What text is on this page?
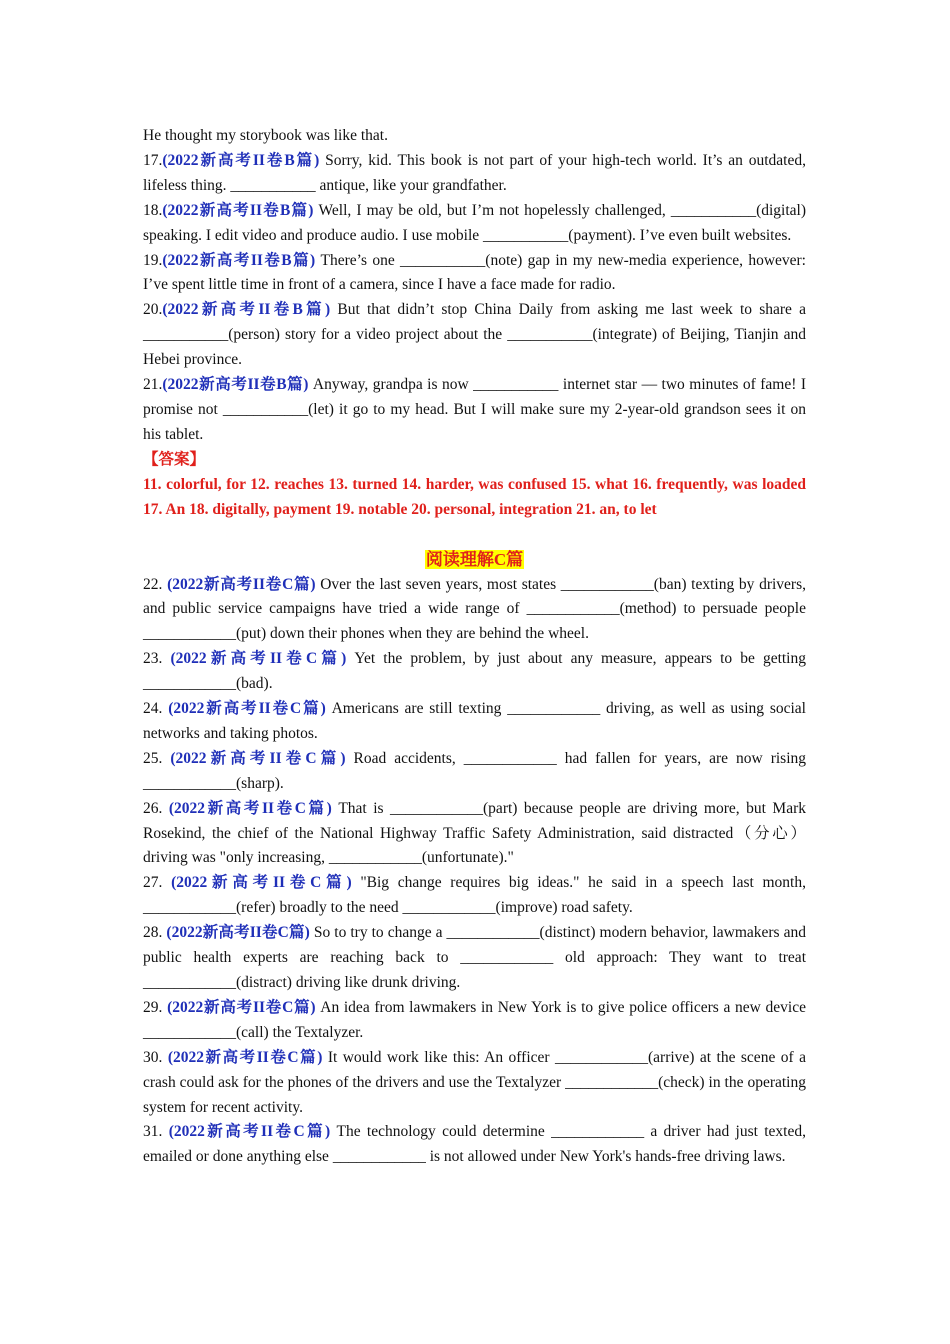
He thought my storybook was like that.

17.(2022新高考II卷B篇) Sorry, kid. This book is not part of your high-tech world. It’s an outdated, lifeless thing. ___________ antique, like your grandfather.

18.(2022新高考II卷B篇) Well, I may be old, but I’m not hopelessly challenged, ___________(digital) speaking. I edit video and produce audio. I use mobile ___________(payment). I’ve even built websites.

19.(2022新高考II卷B篇) There’s one ___________(note) gap in my new-media experience, however: I’ve spent little time in front of a camera, since I have a face made for radio.

20.(2022新高考II卷B篇) But that didn’t stop China Daily from asking me last week to share a ___________(person) story for a video project about the ___________(integrate) of Beijing, Tianjin and Hebei province.

21.(2022新高考II卷B篇) Anyway, grandpa is now ___________ internet star — two minutes of fame! I promise not ___________(let) it go to my head. But I will make sure my 2-year-old grandson sees it on his tablet.

【答案】

11. colorful, for 12. reaches 13. turned 14. harder, was confused 15. what 16. frequently, was loaded 17. An 18. digitally, payment 19. notable 20. personal, integration 21. an, to let

阅读理解C篇

22. (2022新高考II卷C篇) Over the last seven years, most states ____________(ban) texting by drivers, and public service campaigns have tried a wide range of ____________(method) to persuade people ____________(put) down their phones when they are behind the wheel.

23. (2022新高考II卷C篇) Yet the problem, by just about any measure, appears to be getting ____________(bad).

24. (2022新高考II卷C篇) Americans are still texting ____________ driving, as well as using social networks and taking photos.

25. (2022新高考II卷C篇) Road accidents, ____________ had fallen for years, are now rising ____________(sharp).

26. (2022新高考II卷C篇) That is ____________(part) because people are driving more, but Mark Rosekind, the chief of the National Highway Traffic Safety Administration, said distracted（分心）driving was "only increasing, ____________(unfortunate)."

27. (2022新高考II卷C篇) "Big change requires big ideas." he said in a speech last month, ____________(refer) broadly to the need ____________(improve) road safety.

28. (2022新高考II卷C篇) So to try to change a ____________(distinct) modern behavior, lawmakers and public health experts are reaching back to ____________ old approach: They want to treat ____________(distract) driving like drunk driving.

29. (2022新高考II卷C篇) An idea from lawmakers in New York is to give police officers a new device ____________(call) the Textalyzer.

30. (2022新高考II卷C篇) It would work like this: An officer ____________(arrive) at the scene of a crash could ask for the phones of the drivers and use the Textalyzer ____________(check) in the operating system for recent activity.

31. (2022新高考II卷C篇) The technology could determine ____________ a driver had just texted, emailed or done anything else ____________ is not allowed under New York's hands-free driving laws.
